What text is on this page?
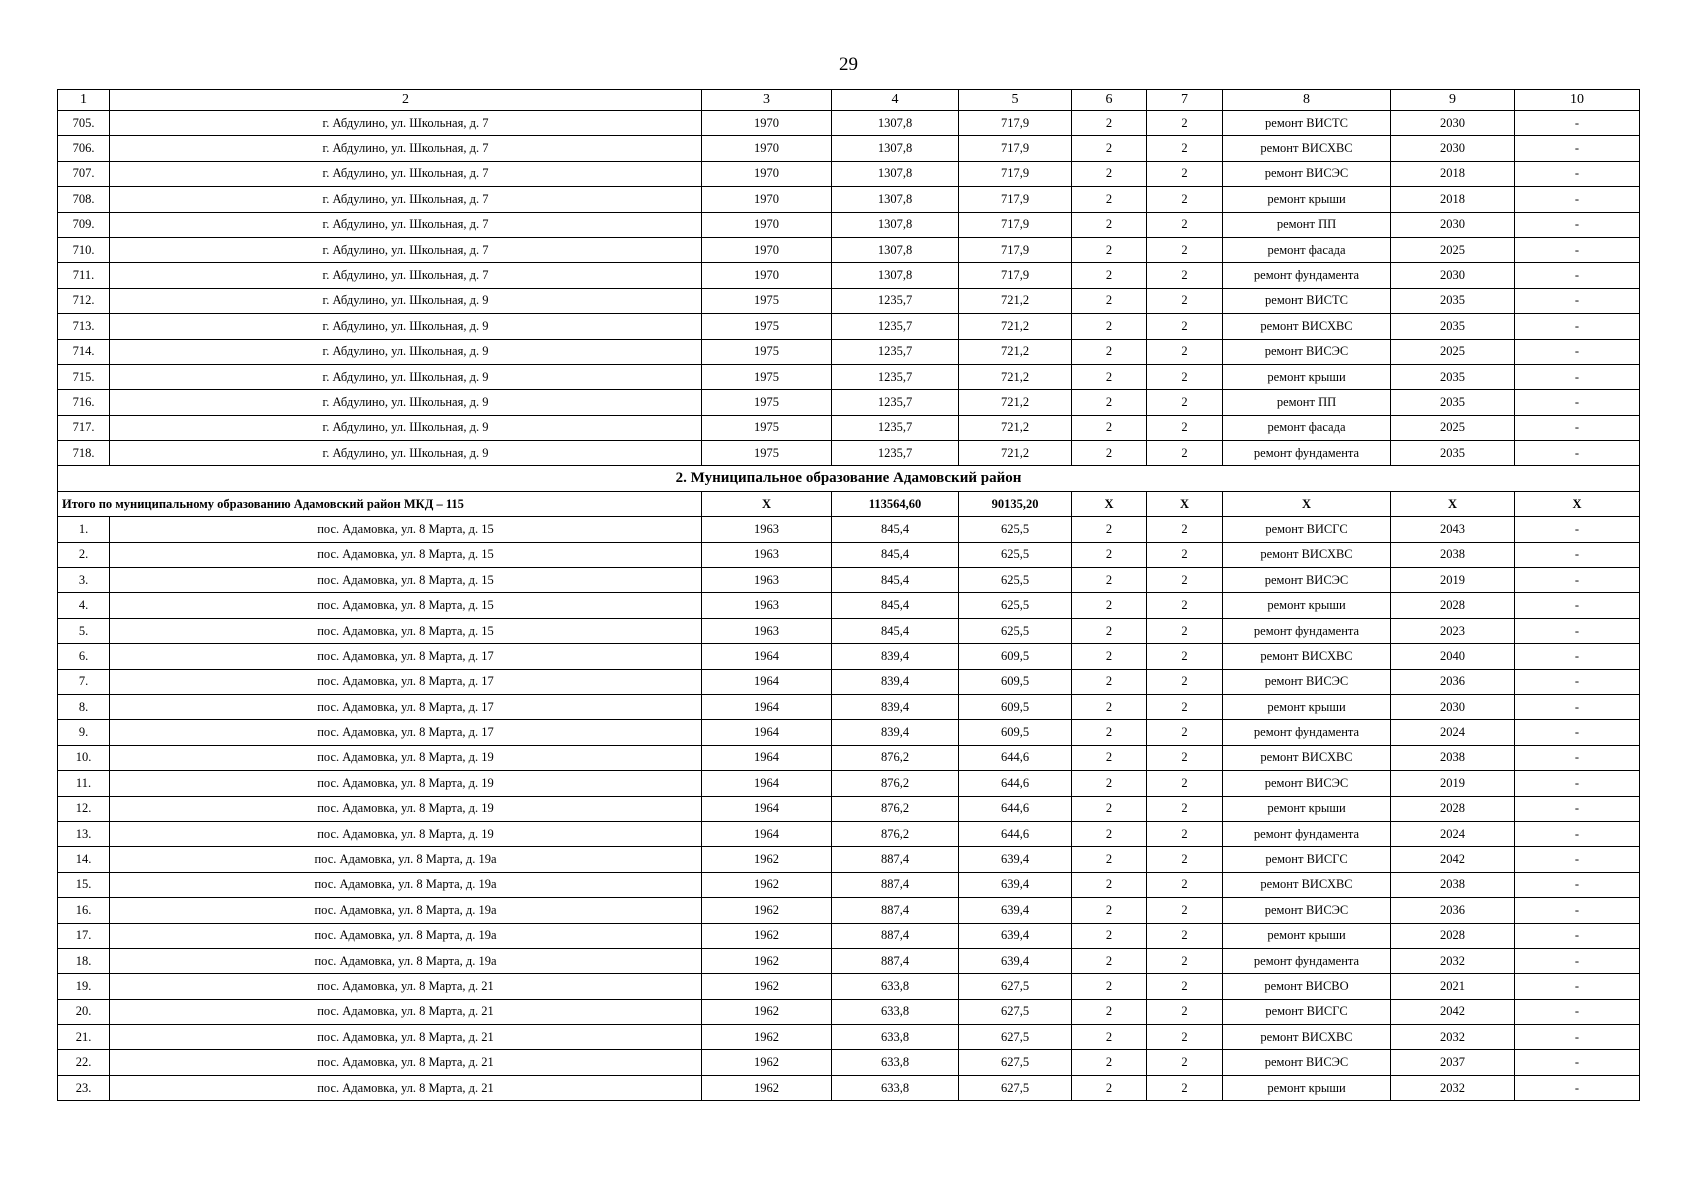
29
1	2	3	4	5	6	7	8	9	10
705.	г. Абдулино, ул. Школьная, д. 7	1970	1307,8	717,9	2	2	ремонт ВИСТС	2030	-
706.	г. Абдулино, ул. Школьная, д. 7	1970	1307,8	717,9	2	2	ремонт ВИСХВС	2030	-
707.	г. Абдулино, ул. Школьная, д. 7	1970	1307,8	717,9	2	2	ремонт ВИСЭС	2018	-
708.	г. Абдулино, ул. Школьная, д. 7	1970	1307,8	717,9	2	2	ремонт крыши	2018	-
709.	г. Абдулино, ул. Школьная, д. 7	1970	1307,8	717,9	2	2	ремонт ПП	2030	-
710.	г. Абдулино, ул. Школьная, д. 7	1970	1307,8	717,9	2	2	ремонт фасада	2025	-
711.	г. Абдулино, ул. Школьная, д. 7	1970	1307,8	717,9	2	2	ремонт фундамента	2030	-
712.	г. Абдулино, ул. Школьная, д. 9	1975	1235,7	721,2	2	2	ремонт ВИСТС	2035	-
713.	г. Абдулино, ул. Школьная, д. 9	1975	1235,7	721,2	2	2	ремонт ВИСХВС	2035	-
714.	г. Абдулино, ул. Школьная, д. 9	1975	1235,7	721,2	2	2	ремонт ВИСЭС	2025	-
715.	г. Абдулино, ул. Школьная, д. 9	1975	1235,7	721,2	2	2	ремонт крыши	2035	-
716.	г. Абдулино, ул. Школьная, д. 9	1975	1235,7	721,2	2	2	ремонт ПП	2035	-
717.	г. Абдулино, ул. Школьная, д. 9	1975	1235,7	721,2	2	2	ремонт фасада	2025	-
718.	г. Абдулино, ул. Школьная, д. 9	1975	1235,7	721,2	2	2	ремонт фундамента	2035	-
2. Муниципальное образование Адамовский район									
Итого по муниципальному образованию Адамовский район МКД – 115		X	113564,60	90135,20	X	X	X	X	X
1.	пос. Адамовка, ул. 8 Марта, д. 15	1963	845,4	625,5	2	2	ремонт ВИСГС	2043	-
2.	пос. Адамовка, ул. 8 Марта, д. 15	1963	845,4	625,5	2	2	ремонт ВИСХВС	2038	-
3.	пос. Адамовка, ул. 8 Марта, д. 15	1963	845,4	625,5	2	2	ремонт ВИСЭС	2019	-
4.	пос. Адамовка, ул. 8 Марта, д. 15	1963	845,4	625,5	2	2	ремонт крыши	2028	-
5.	пос. Адамовка, ул. 8 Марта, д. 15	1963	845,4	625,5	2	2	ремонт фундамента	2023	-
6.	пос. Адамовка, ул. 8 Марта, д. 17	1964	839,4	609,5	2	2	ремонт ВИСХВС	2040	-
7.	пос. Адамовка, ул. 8 Марта, д. 17	1964	839,4	609,5	2	2	ремонт ВИСЭС	2036	-
8.	пос. Адамовка, ул. 8 Марта, д. 17	1964	839,4	609,5	2	2	ремонт крыши	2030	-
9.	пос. Адамовка, ул. 8 Марта, д. 17	1964	839,4	609,5	2	2	ремонт фундамента	2024	-
10.	пос. Адамовка, ул. 8 Марта, д. 19	1964	876,2	644,6	2	2	ремонт ВИСХВС	2038	-
11.	пос. Адамовка, ул. 8 Марта, д. 19	1964	876,2	644,6	2	2	ремонт ВИСЭС	2019	-
12.	пос. Адамовка, ул. 8 Марта, д. 19	1964	876,2	644,6	2	2	ремонт крыши	2028	-
13.	пос. Адамовка, ул. 8 Марта, д. 19	1964	876,2	644,6	2	2	ремонт фундамента	2024	-
14.	пос. Адамовка, ул. 8 Марта, д. 19а	1962	887,4	639,4	2	2	ремонт ВИСГС	2042	-
15.	пос. Адамовка, ул. 8 Марта, д. 19а	1962	887,4	639,4	2	2	ремонт ВИСХВС	2038	-
16.	пос. Адамовка, ул. 8 Марта, д. 19а	1962	887,4	639,4	2	2	ремонт ВИСЭС	2036	-
17.	пос. Адамовка, ул. 8 Марта, д. 19а	1962	887,4	639,4	2	2	ремонт крыши	2028	-
18.	пос. Адамовка, ул. 8 Марта, д. 19а	1962	887,4	639,4	2	2	ремонт фундамента	2032	-
19.	пос. Адамовка, ул. 8 Марта, д. 21	1962	633,8	627,5	2	2	ремонт ВИСВО	2021	-
20.	пос. Адамовка, ул. 8 Марта, д. 21	1962	633,8	627,5	2	2	ремонт ВИСГС	2042	-
21.	пос. Адамовка, ул. 8 Марта, д. 21	1962	633,8	627,5	2	2	ремонт ВИСХВС	2032	-
22.	пос. Адамовка, ул. 8 Марта, д. 21	1962	633,8	627,5	2	2	ремонт ВИСЭС	2037	-
23.	пос. Адамовка, ул. 8 Марта, д. 21	1962	633,8	627,5	2	2	ремонт крыши	2032	-
